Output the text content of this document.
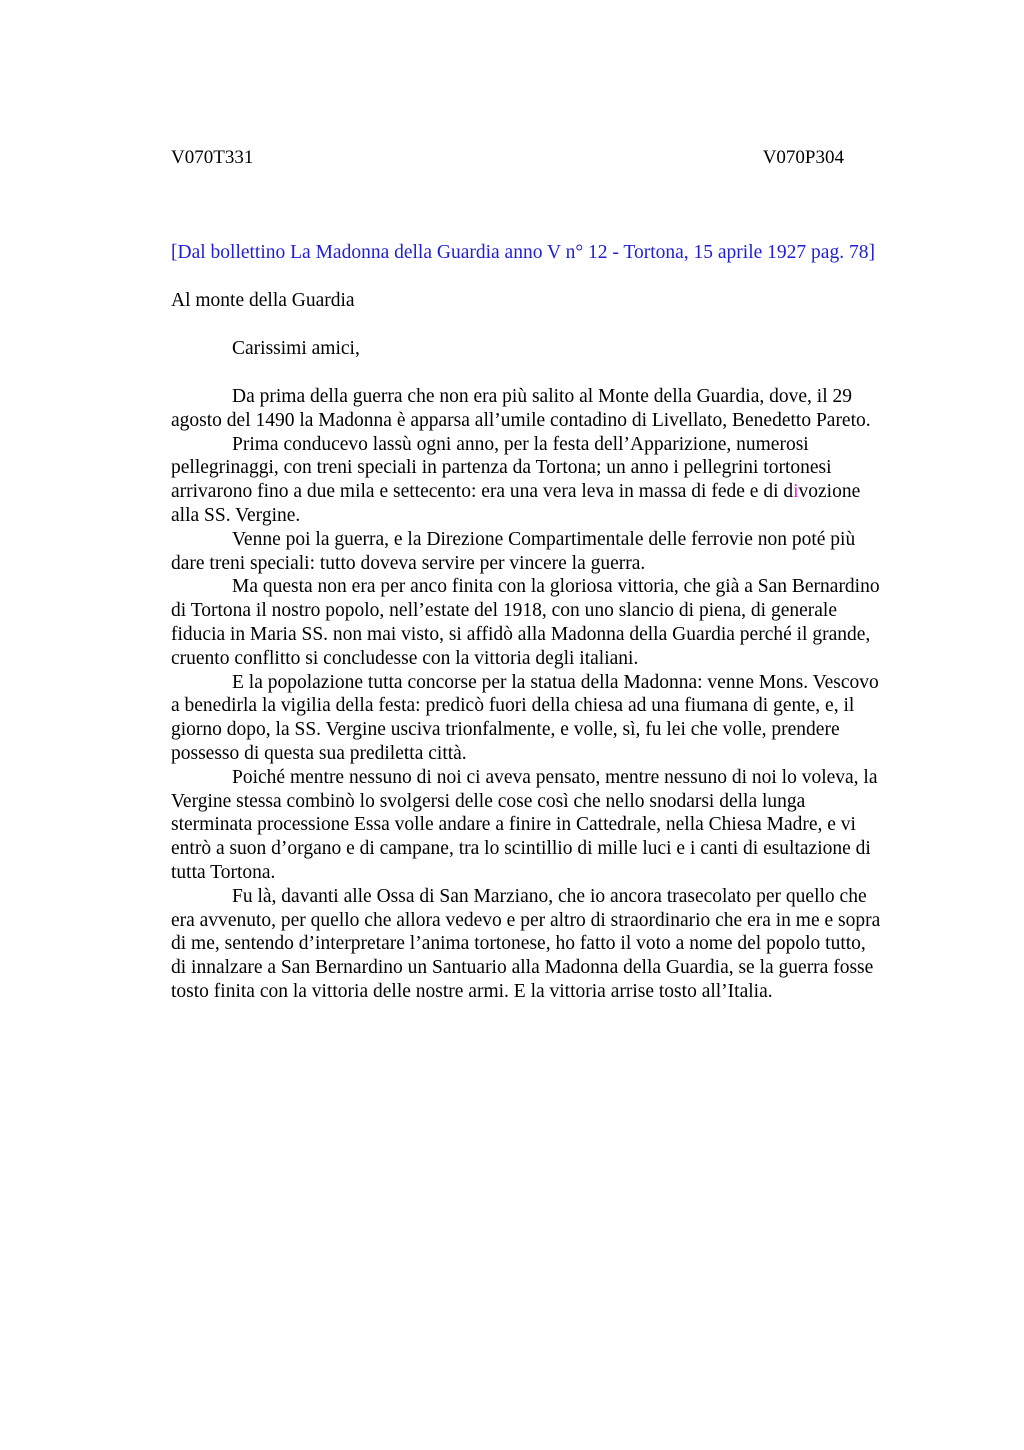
V070T331	V070P304
[Dal bollettino La Madonna della Guardia anno V n° 12 - Tortona, 15 aprile 1927 pag. 78]
Al monte della Guardia
Carissimi amici,
Da prima della guerra che non era più salito al Monte della Guardia, dove, il 29
agosto del 1490 la Madonna è apparsa all’umile contadino di Livellato, Benedetto Pareto.
Prima conducevo lassù ogni anno, per la festa dell’Apparizione, numerosi
pellegrinaggi, con treni speciali in partenza da Tortona; un anno i pellegrini tortonesi
arrivarono fino a due mila e settecento: era una vera leva in massa di fede e di divozione
alla SS. Vergine.
Venne poi la guerra, e la Direzione Compartimentale delle ferrovie non poté più
dare treni speciali: tutto doveva servire per vincere la guerra.
Ma questa non era per anco finita con la gloriosa vittoria, che già a San Bernardino
di Tortona il nostro popolo, nell’estate del 1918, con uno slancio di piena, di generale
fiducia in Maria SS. non mai visto, si affidò alla Madonna della Guardia perché il grande,
cruento conflitto si concludesse con la vittoria degli italiani.
E la popolazione tutta concorse per la statua della Madonna: venne Mons. Vescovo
a benedirla la vigilia della festa: predicò fuori della chiesa ad una fiumana di gente, e, il
giorno dopo, la SS. Vergine usciva trionfalmente, e volle, sì, fu lei che volle, prendere
possesso di questa sua prediletta città.
Poiché mentre nessuno di noi ci aveva pensato, mentre nessuno di noi lo voleva, la
Vergine stessa combinò lo svolgersi delle cose così che nello snodarsi della lunga
sterminata processione Essa volle andare a finire in Cattedrale, nella Chiesa Madre, e vi
entrò a suon d’organo e di campane, tra lo scintillio di mille luci e i canti di esultazione di
tutta Tortona.
Fu là, davanti alle Ossa di San Marziano, che io ancora trasecolato per quello che
era avvenuto, per quello che allora vedevo e per altro di straordinario che era in me e sopra
di me, sentendo d’interpretare l’anima tortonese, ho fatto il voto a nome del popolo tutto,
di innalzare a San Bernardino un Santuario alla Madonna della Guardia, se la guerra fosse
tosto finita con la vittoria delle nostre armi. E la vittoria arrise tosto all’Italia.
